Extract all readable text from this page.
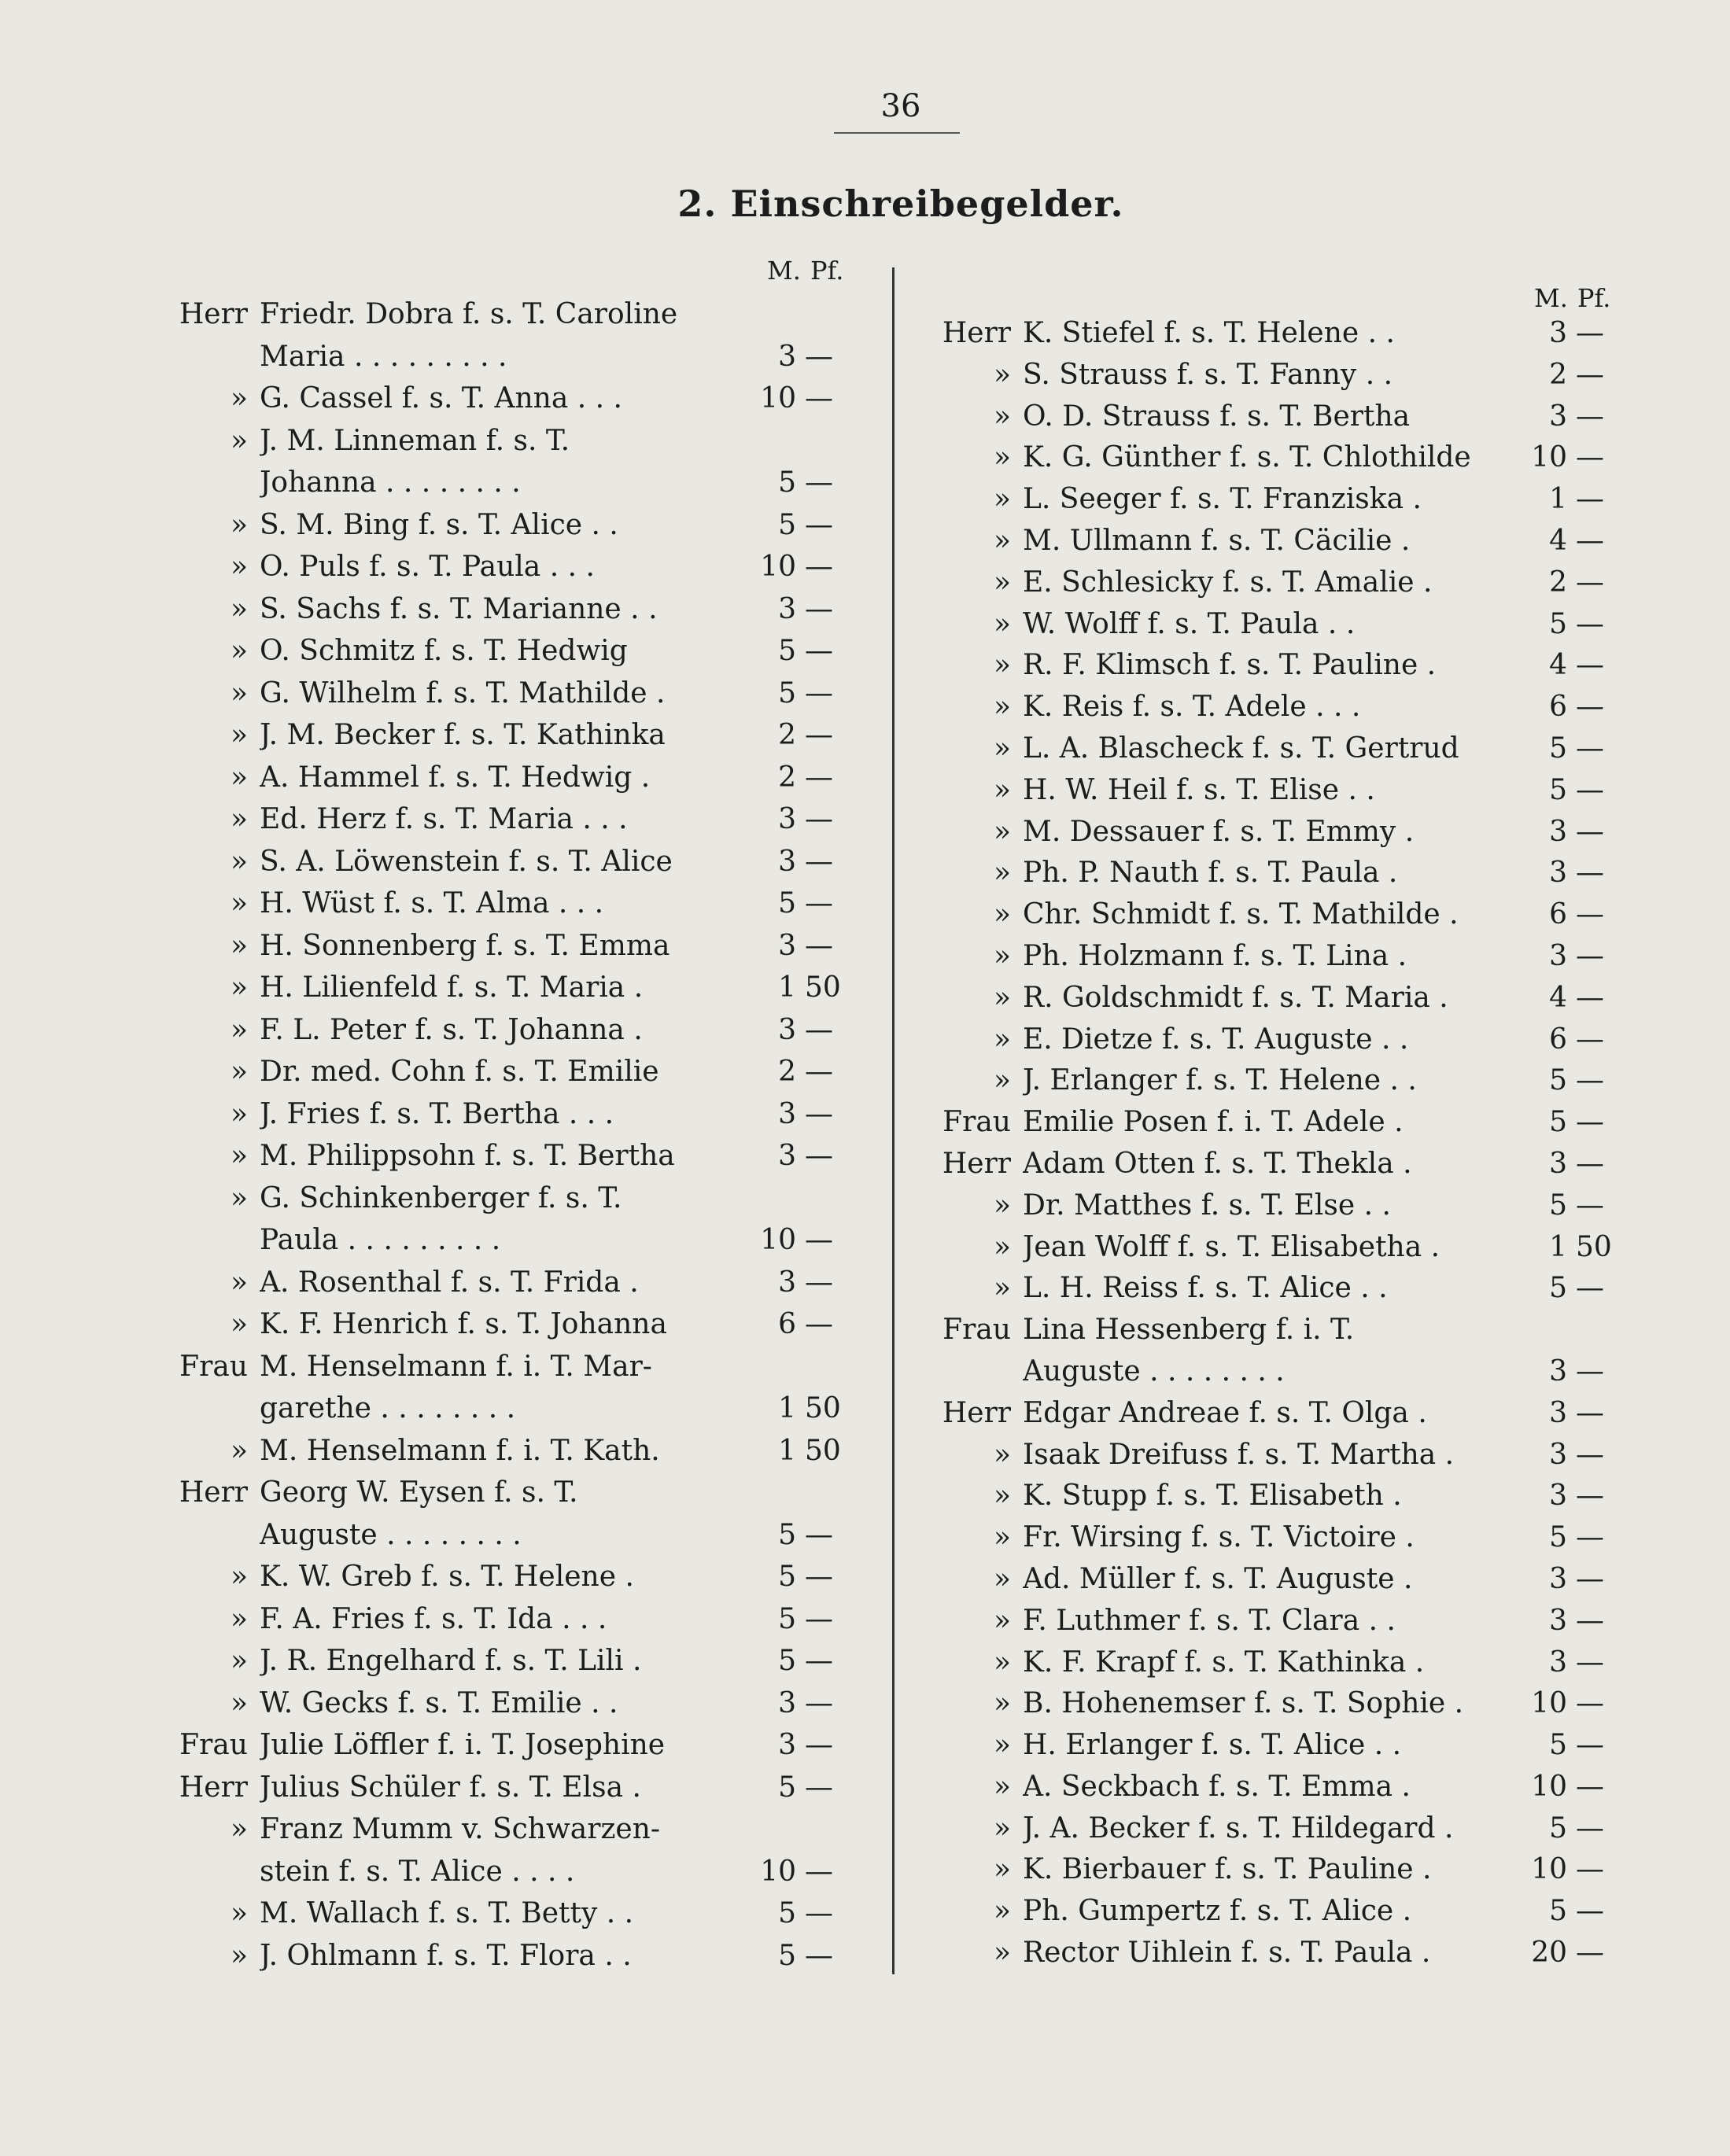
36
2. Einschreibegelder.
M. Pf.
Herr Friedr. Dobra f. s. T. Caroline
Maria . . . . . . . . .	3 —
» G. Cassel f. s. T. Anna . . .	10 —
» J. M. Linneman f. s. T.
Johanna . . . . . . . .	5 —
» S. M. Bing f. s. T. Alice . .	5 —
» O. Puls f. s. T. Paula . . .	10 —
» S. Sachs f. s. T. Marianne . .	3 —
» O. Schmitz f. s. T. Hedwig	5 —
» G. Wilhelm f. s. T. Mathilde .	5 —
» J. M. Becker f. s. T. Kathinka	2 —
» A. Hammel f. s. T. Hedwig .	2 —
» Ed. Herz f. s. T. Maria . . .	3 —
» S. A. Löwenstein f. s. T. Alice	3 —
» H. Wüst f. s. T. Alma . . .	5 —
» H. Sonnenberg f. s. T. Emma	3 —
» H. Lilienfeld f. s. T. Maria .	1 50
» F. L. Peter f. s. T. Johanna .	3 —
» Dr. med. Cohn f. s. T. Emilie	2 —
» J. Fries f. s. T. Bertha . . .	3 —
» M. Philippsohn f. s. T. Bertha	3 —
» G. Schinkenberger f. s. T.
Paula . . . . . . . . .	10 —
» A. Rosenthal f. s. T. Frida .	3 —
» K. F. Henrich f. s. T. Johanna	6 —
Frau M. Henselmann f. i. T. Mar-
garethe . . . . . . . .	1 50
» M. Henselmann f. i. T. Kath.	1 50
Herr Georg W. Eysen f. s. T.
Auguste . . . . . . . .	5 —
» K. W. Greb f. s. T. Helene .	5 —
» F. A. Fries f. s. T. Ida . . .	5 —
» J. R. Engelhard f. s. T. Lili .	5 —
» W. Gecks f. s. T. Emilie . .	3 —
Frau Julie Löffler f. i. T. Josephine	3 —
Herr Julius Schüler f. s. T. Elsa .	5 —
» Franz Mumm v. Schwarzen-
stein f. s. T. Alice . . . .	10 —
» M. Wallach f. s. T. Betty . .	5 —
» J. Ohlmann f. s. T. Flora . .	5 —
M. Pf.
Herr K. Stiefel f. s. T. Helene . .	3 —
» S. Strauss f. s. T. Fanny . .	2 —
» O. D. Strauss f. s. T. Bertha	3 —
» K. G. Günther f. s. T. Chlothilde	10 —
» L. Seeger f. s. T. Franziska .	1 —
» M. Ullmann f. s. T. Cäcilie .	4 —
» E. Schlesicky f. s. T. Amalie .	2 —
» W. Wolff f. s. T. Paula . .	5 —
» R. F. Klimsch f. s. T. Pauline .	4 —
» K. Reis f. s. T. Adele . . .	6 —
» L. A. Blascheck f. s. T. Gertrud	5 —
» H. W. Heil f. s. T. Elise . .	5 —
» M. Dessauer f. s. T. Emmy .	3 —
» Ph. P. Nauth f. s. T. Paula .	3 —
» Chr. Schmidt f. s. T. Mathilde .	6 —
» Ph. Holzmann f. s. T. Lina .	3 —
» R. Goldschmidt f. s. T. Maria .	4 —
» E. Dietze f. s. T. Auguste . .	6 —
» J. Erlanger f. s. T. Helene . .	5 —
Frau Emilie Posen f. i. T. Adele .	5 —
Herr Adam Otten f. s. T. Thekla .	3 —
» Dr. Matthes f. s. T. Else . .	5 —
» Jean Wolff f. s. T. Elisabetha .	1 50
» L. H. Reiss f. s. T. Alice . .	5 —
Frau Lina Hessenberg f. i. T.
Auguste . . . . . . . .	3 —
Herr Edgar Andreae f. s. T. Olga .	3 —
» Isaak Dreifuss f. s. T. Martha .	3 —
» K. Stupp f. s. T. Elisabeth .	3 —
» Fr. Wirsing f. s. T. Victoire .	5 —
» Ad. Müller f. s. T. Auguste .	3 —
» F. Luthmer f. s. T. Clara . .	3 —
» K. F. Krapf f. s. T. Kathinka .	3 —
» B. Hohenemser f. s. T. Sophie .	10 —
» H. Erlanger f. s. T. Alice . .	5 —
» A. Seckbach f. s. T. Emma .	10 —
» J. A. Becker f. s. T. Hildegard .	5 —
» K. Bierbauer f. s. T. Pauline .	10 —
» Ph. Gumpertz f. s. T. Alice .	5 —
» Rector Uihlein f. s. T. Paula .	20 —
